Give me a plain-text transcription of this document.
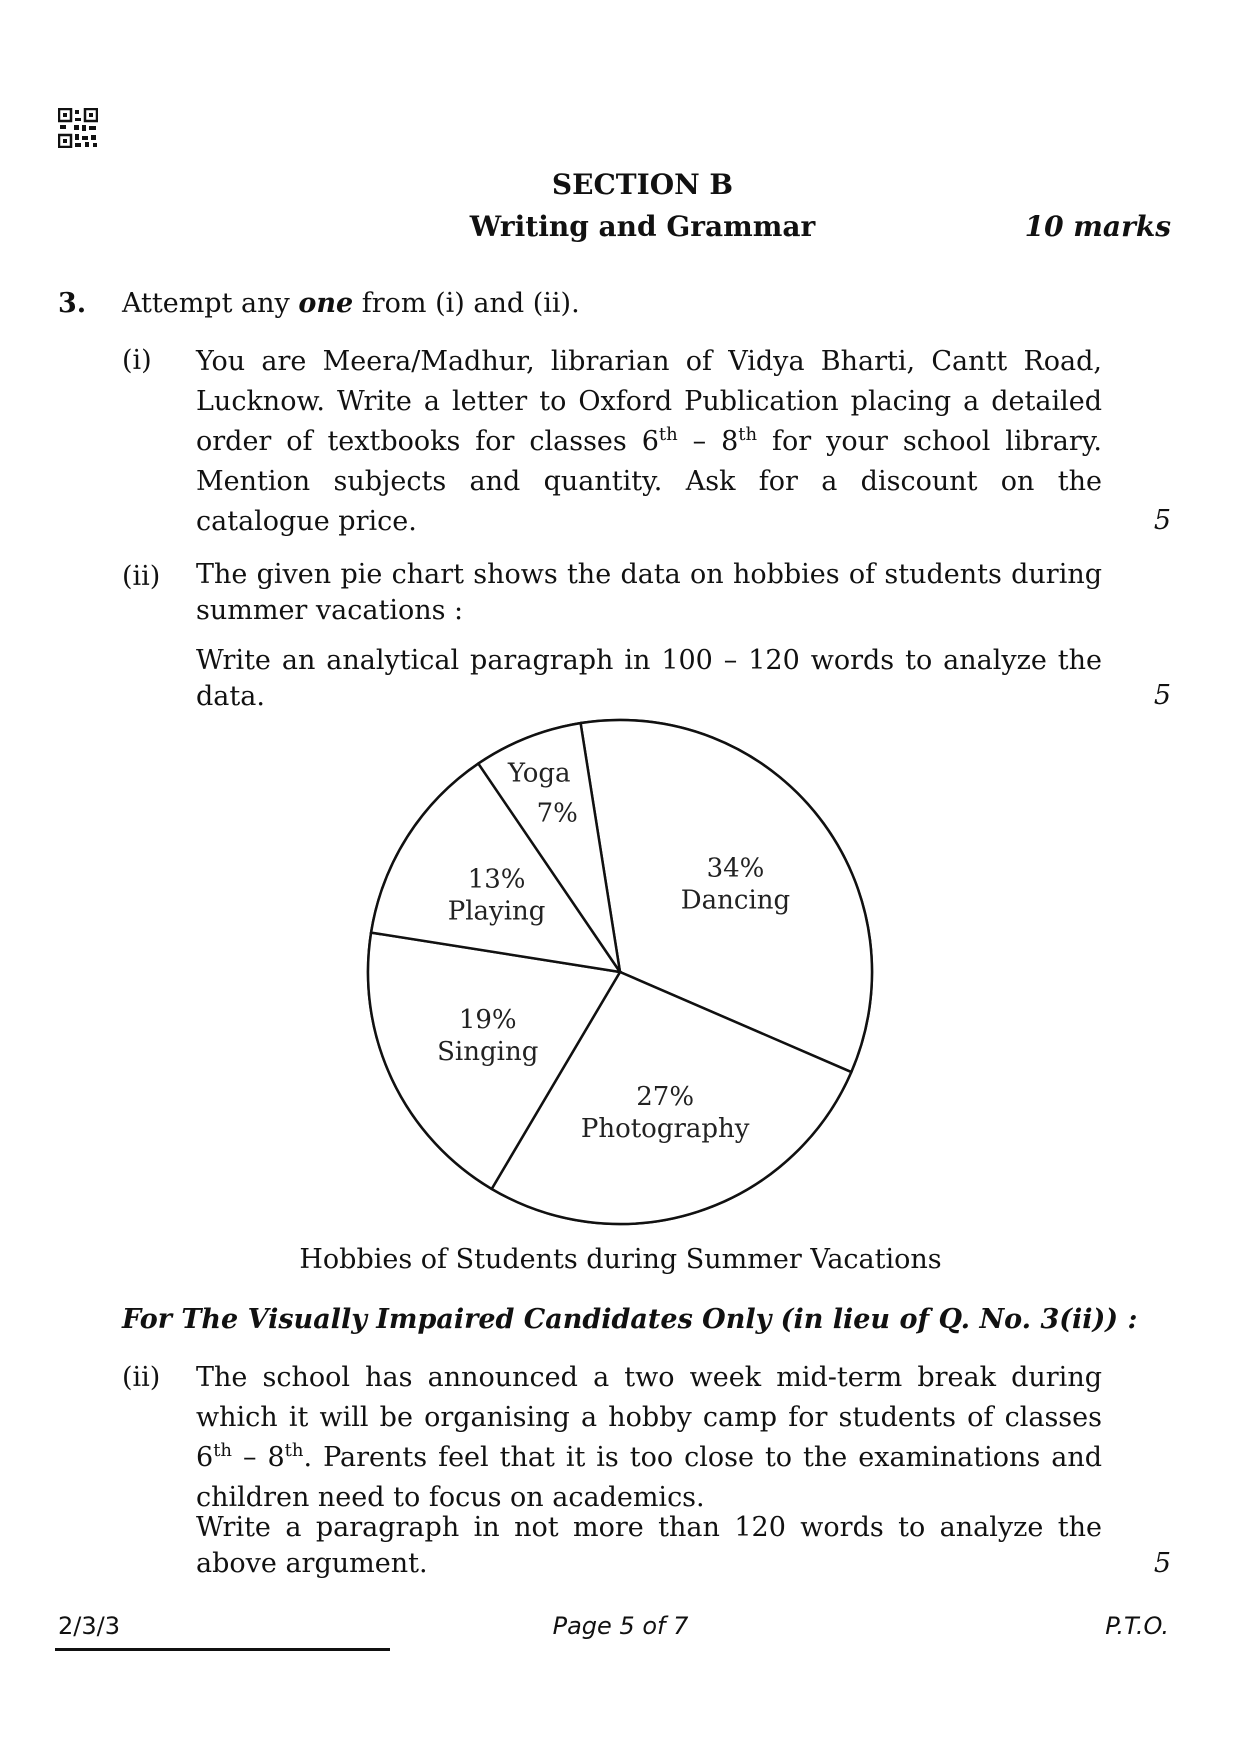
SECTION B
Writing and Grammar	10 marks
3. Attempt any one from (i) and (ii).
(i) You are Meera/Madhur, librarian of Vidya Bharti, Cantt Road, Lucknow. Write a letter to Oxford Publication placing a detailed order of textbooks for classes 6th – 8th for your school library. Mention subjects and quantity. Ask for a discount on the catalogue price.	5
(ii) The given pie chart shows the data on hobbies of students during summer vacations :
Write an analytical paragraph in 100 – 120 words to analyze the data.	5
34%
Dancing
27%
Photography
19%
Singing
13%
Playing
Yoga
7%
Hobbies of Students during Summer Vacations
For The Visually Impaired Candidates Only (in lieu of Q. No. 3(ii)) :
(ii) The school has announced a two week mid-term break during which it will be organising a hobby camp for students of classes 6th – 8th. Parents feel that it is too close to the examinations and children need to focus on academics.
Write a paragraph in not more than 120 words to analyze the above argument.	5
2/3/3	Page 5 of 7	P.T.O.
